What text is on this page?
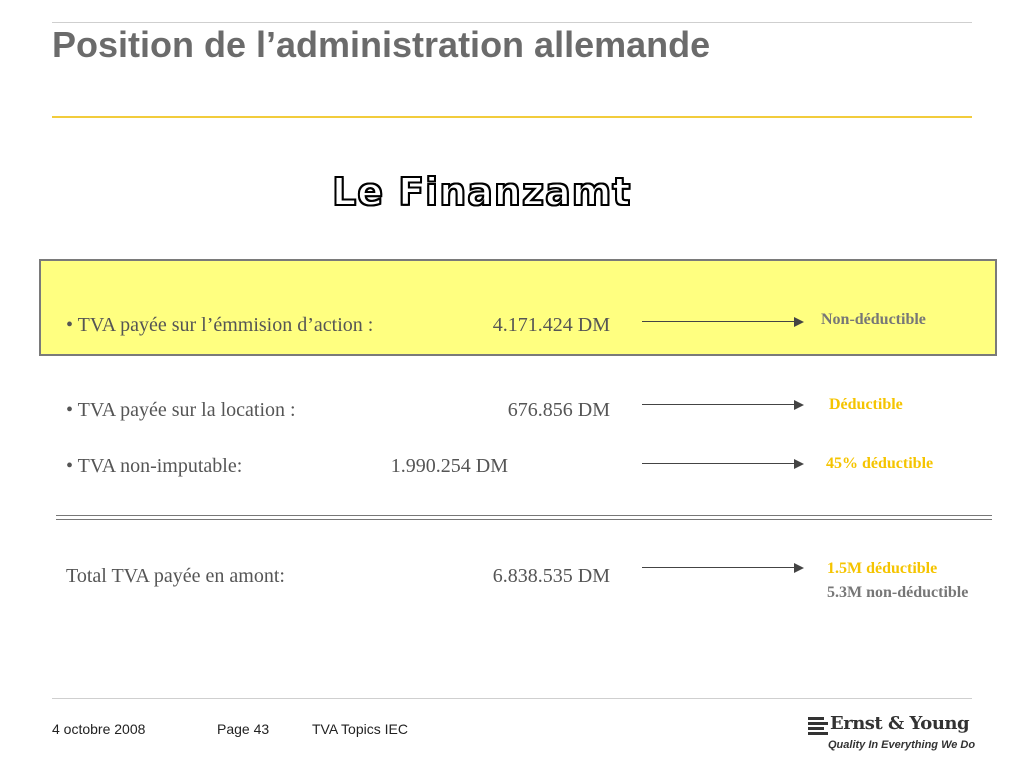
Position de l’administration allemande
Le Finanzamt
• TVA payée sur l’émmision d’action :	4.171.424 DM	Non-déductible
• TVA payée sur la location :	676.856 DM	Déductible
• TVA non-imputable:	1.990.254 DM	45% déductible
Total TVA payée en amont:	6.838.535 DM	1.5M déductible
5.3M non-déductible
4 octobre 2008	Page 43	TVA Topics IEC	Ernst & Young
Quality In Everything We Do
